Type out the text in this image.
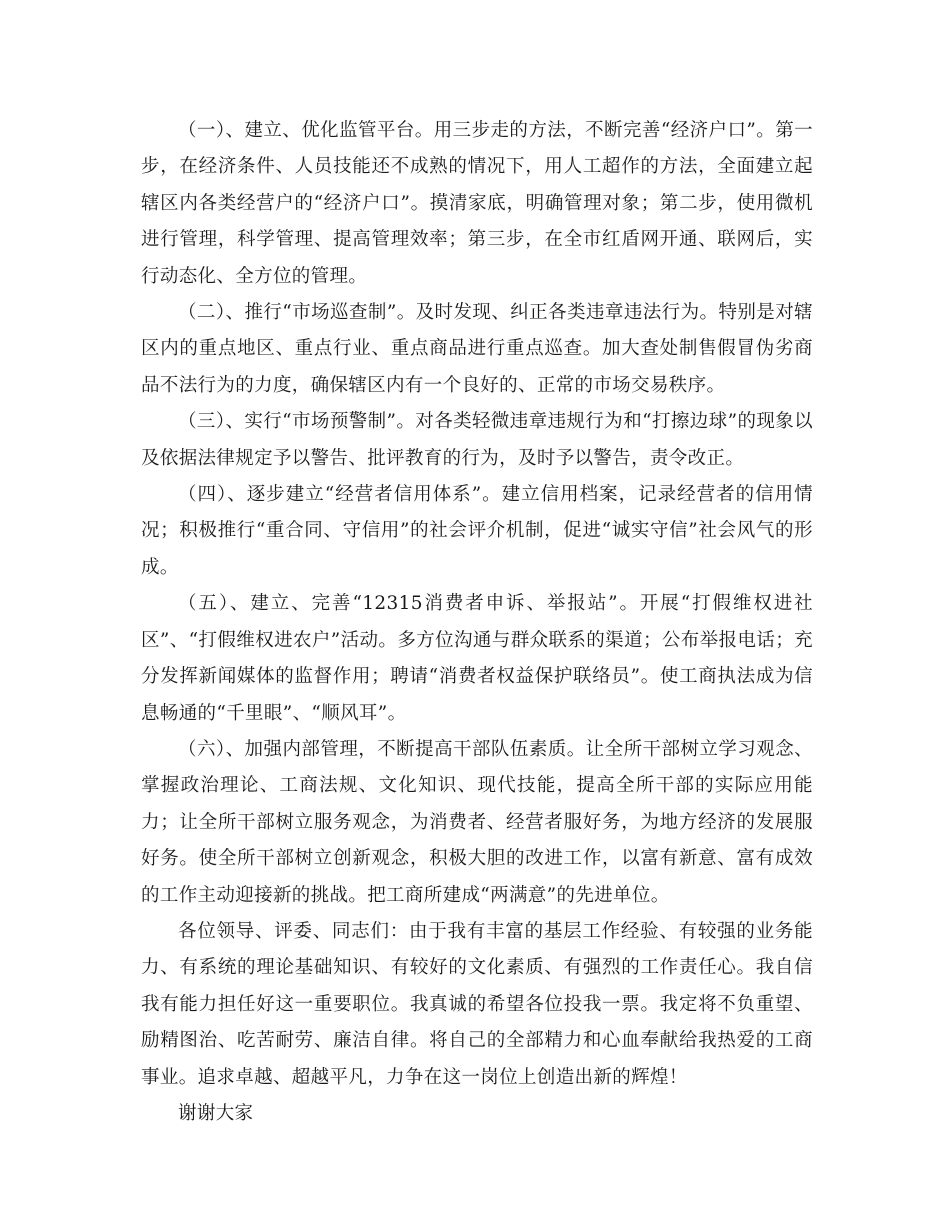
（一）、建立、优化监管平台。用三步走的方法，不断完善“经济户口”。第一步，在经济条件、人员技能还不成熟的情况下，用人工超作的方法，全面建立起辖区内各类经营户的“经济户口”。摸清家底，明确管理对象；第二步，使用微机进行管理，科学管理、提高管理效率；第三步，在全市红盾网开通、联网后，实行动态化、全方位的管理。

（二）、推行“市场巡查制”。及时发现、纠正各类违章违法行为。特别是对辖区内的重点地区、重点行业、重点商品进行重点巡查。加大查处制售假冒伪劣商品不法行为的力度，确保辖区内有一个良好的、正常的市场交易秩序。

（三）、实行“市场预警制”。对各类轻微违章违规行为和“打擦边球”的现象以及依据法律规定予以警告、批评教育的行为，及时予以警告，责令改正。

（四）、逐步建立“经营者信用体系”。建立信用档案，记录经营者的信用情况；积极推行“重合同、守信用”的社会评介机制，促进“诚实守信”社会风气的形成。

（五）、建立、完善“12315消费者申诉、举报站”。开展“打假维权进社区”、“打假维权进农户”活动。多方位沟通与群众联系的渠道；公布举报电话；充分发挥新闻媒体的监督作用；聘请“消费者权益保护联络员”。使工商执法成为信息畅通的“千里眼”、“顺风耳”。

（六）、加强内部管理，不断提高干部队伍素质。让全所干部树立学习观念、掌握政治理论、工商法规、文化知识、现代技能，提高全所干部的实际应用能力；让全所干部树立服务观念，为消费者、经营者服好务，为地方经济的发展服好务。使全所干部树立创新观念，积极大胆的改进工作，以富有新意、富有成效的工作主动迎接新的挑战。把工商所建成“两满意”的先进单位。

各位领导、评委、同志们：由于我有丰富的基层工作经验、有较强的业务能力、有系统的理论基础知识、有较好的文化素质、有强烈的工作责任心。我自信我有能力担任好这一重要职位。我真诚的希望各位投我一票。我定将不负重望、励精图治、吃苦耐劳、廉洁自律。将自己的全部精力和心血奉献给我热爱的工商事业。追求卓越、超越平凡，力争在这一岗位上创造出新的辉煌！

谢谢大家
